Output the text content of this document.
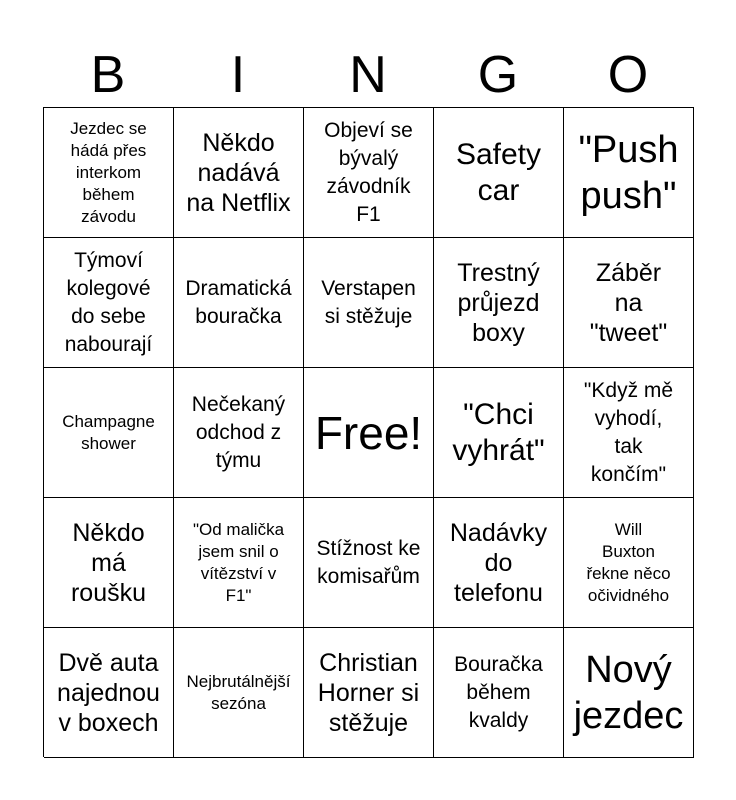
B	I	N	G	O
Jezdec se
hádá přes
interkom
během
závodu
Někdo
nadává
na Netflix
Objeví se
bývalý
závodník
F1
Safety
car
"Push
push"
Týmoví
kolegové
do sebe
nabourají
Dramatická
bouračka
Verstapen
si stěžuje
Trestný
průjezd
boxy
Záběr
na
"tweet"
Champagne
shower
Nečekaný
odchod z
týmu
Free!	"Chci
vyhrát"
"Když mě
vyhodí,
tak
končím"
Někdo
má
roušku
"Od malička
jsem snil o
vítězství v
F1"
Stížnost ke
komisařům
Nadávky
do
telefonu
Will
Buxton
řekne něco
očividného
Dvě auta
najednou
v boxech
Nejbrutálnější
sezóna
Christian
Horner si
stěžuje
Bouračka
během
kvaldy
Nový
jezdec
